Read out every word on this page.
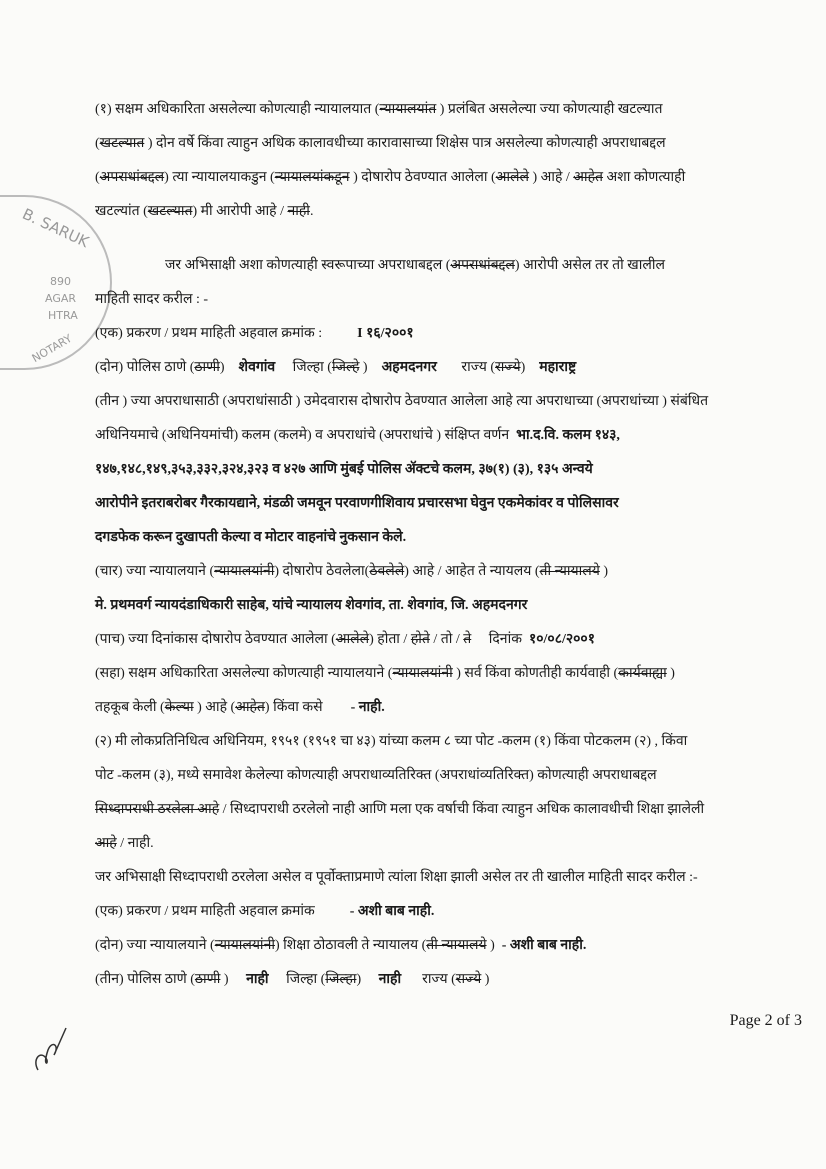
B. SARUK
890
AGAR
HTRA
NOTARY
(१) सक्षम अधिकारिता असलेल्या कोणत्याही न्यायालयात (न्यायालयांत ) प्रलंबित असलेल्या ज्या कोणत्याही खटल्यात
(खटल्यात ) दोन वर्षे किंवा त्याहुन अधिक कालावधीच्या कारावासाच्या शिक्षेस पात्र असलेल्या कोणत्याही अपराधाबद्दल
(अपराधांबद्दल) त्या न्यायालयाकडुन (न्यायालयांकडून ) दोषारोप ठेवण्यात आलेला (आलेले ) आहे / आहेत अशा कोणत्याही
खटल्यांत (खटल्यात) मी आरोपी आहे / नाही.
जर अभिसाक्षी अशा कोणत्याही स्वरूपाच्या अपराधाबद्दल (अपराधांबद्दल) आरोपी असेल तर तो खालील
माहिती सादर करील : -
(एक) प्रकरण / प्रथम माहिती अहवाल क्रमांक :          I १६/२००१
(दोन) पोलिस ठाणे (ठाणी)    शेवगांव     जिल्हा (जिल्हे )    अहमदनगर       राज्य (राज्ये)    महाराष्ट्र
(तीन ) ज्या अपराधासाठी (अपराधांसाठी ) उमेदवारास दोषारोप ठेवण्यात आलेला आहे त्या अपराधाच्या (अपराधांच्या ) संबंधित
अधिनियमाचे (अधिनियमांची) कलम (कलमे) व अपराधांचे (अपराधांचे ) संक्षिप्त वर्णन  भा.द.वि. कलम १४३,
१४७,१४८,१४९,३५३,३३२,३२४,३२३ व ४२७ आणि मुंबई पोलिस ॲक्टचे कलम, ३७(१) (३), १३५ अन्वये
आरोपीने इतराबरोबर गैरकायद्याने, मंडळी जमवून परवाणगीशिवाय प्रचारसभा घेवुन एकमेकांवर व पोलिसावर
दगडफेक करून दुखापती केल्या व मोटार वाहनांचे नुकसान केले.
(चार) ज्या न्यायालयाने (न्यायालयांनी) दोषारोप ठेवलेला(ठेवलेले) आहे / आहेत ते न्यायलय (ती न्यायालये )
मे. प्रथमवर्ग न्यायदंडाधिकारी साहेब, यांचे न्यायालय शेवगांव, ता. शेवगांव, जि. अहमदनगर
(पाच) ज्या दिनांकास दोषारोप ठेवण्यात आलेला (आलेले) होता / होते / तो / ते     दिनांक  १०/०८/२००१
(सहा) सक्षम अधिकारिता असलेल्या कोणत्याही न्यायालयाने (न्यायालयांनी ) सर्व किंवा कोणतीही कार्यवाही (कार्यवाह्या )
तहकूब केली (केल्या ) आहे (आहेत) किंवा कसे        - नाही.
(२) मी लोकप्रतिनिधित्व अधिनियम, १९५१ (१९५१ चा ४३) यांच्या कलम ८ च्या पोट -कलम (१) किंवा पोटकलम (२) , किंवा
पोट -कलम (३), मध्ये समावेश केलेल्या कोणत्याही अपराधाव्यतिरिक्त (अपराधांव्यतिरिक्त) कोणत्याही अपराधाबद्दल
सिध्दापराधी ठरलेला आहे / सिध्दापराधी ठरलेलो नाही आणि मला एक वर्षाची किंवा त्याहुन अधिक कालावधीची शिक्षा झालेली
आहे / नाही.
जर अभिसाक्षी सिध्दापराधी ठरलेला असेल व पूर्वोक्ताप्रमाणे त्यांला शिक्षा झाली असेल तर ती खालील माहिती सादर करील :-
(एक) प्रकरण / प्रथम माहिती अहवाल क्रमांक          - अशी बाब नाही.
(दोन) ज्या न्यायालयाने (न्यायालयांनी) शिक्षा ठोठावली ते न्यायालय (ती न्यायालये )  - अशी बाब नाही.
(तीन) पोलिस ठाणे (ठाणी )     नाही     जिल्हा (जिल्हा)     नाही      राज्य (राज्ये )
Page 2 of 3
